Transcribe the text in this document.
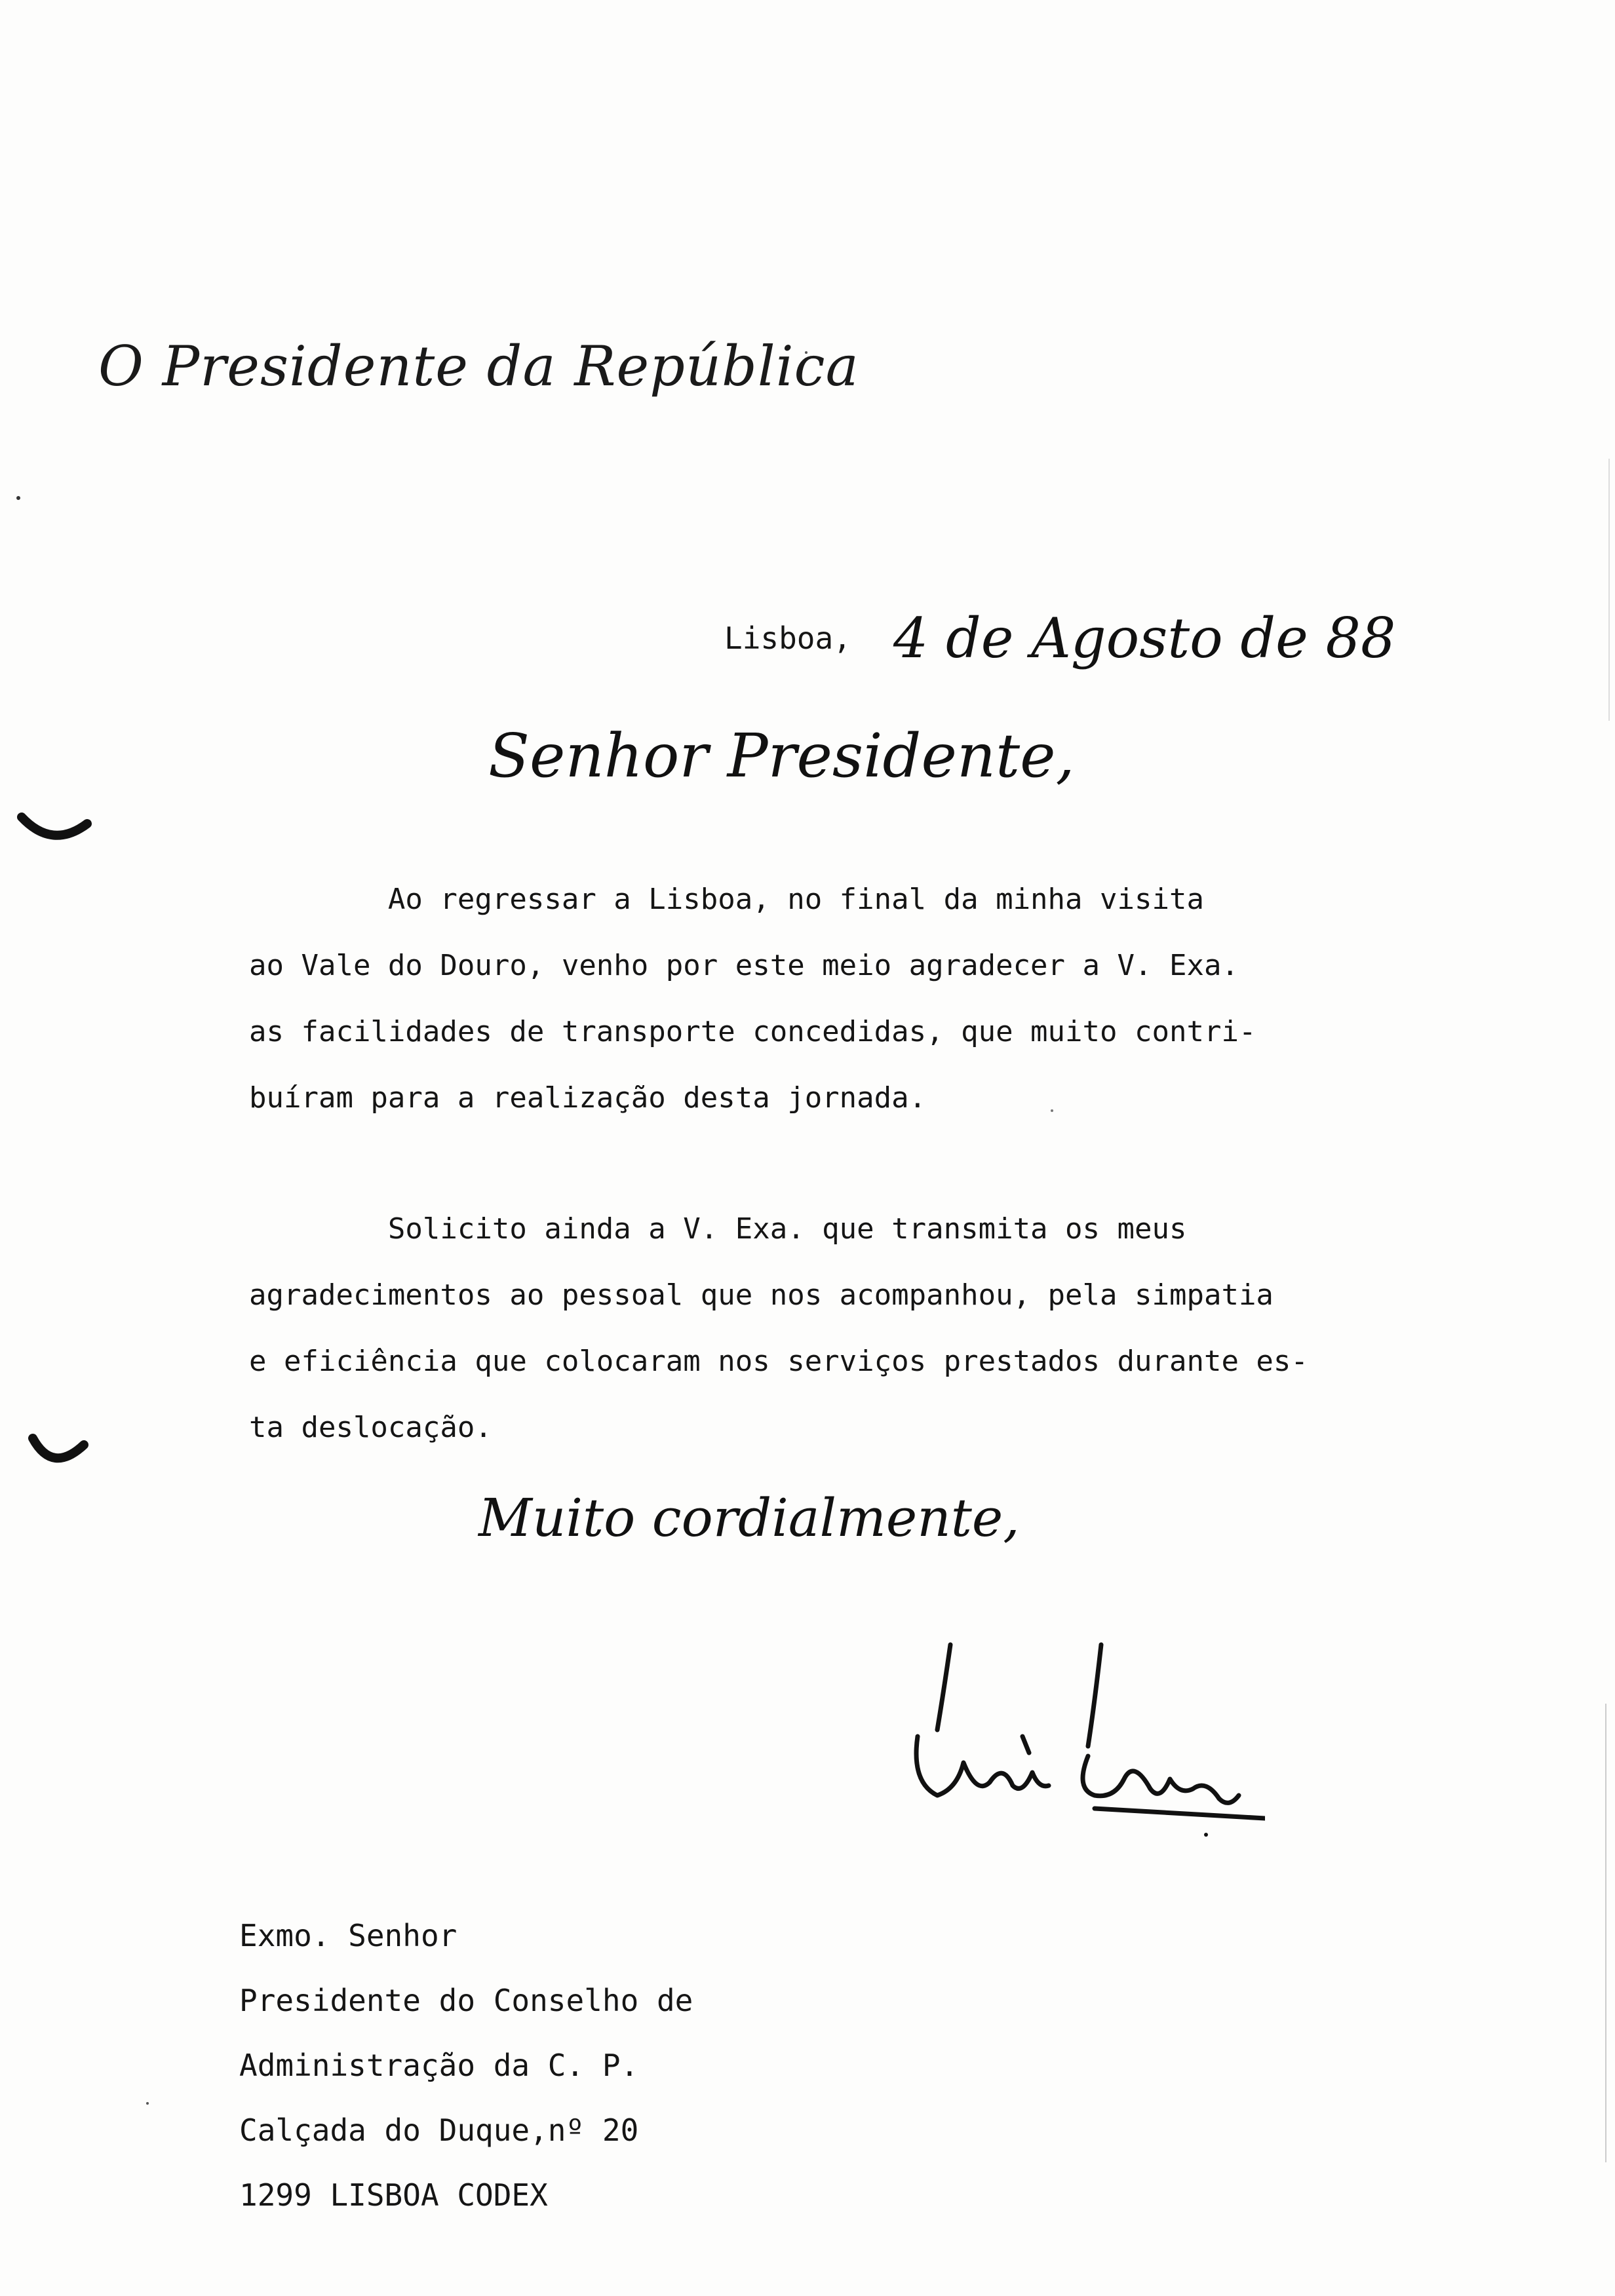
O Presidente da República
Lisboa, 4 de Agosto de 88
Senhor Presidente,
Ao regressar a Lisboa, no final da minha visita
ao Vale do Douro, venho por este meio agradecer a V. Exa.
as facilidades de transporte concedidas, que muito contri-
buíram para a realização desta jornada.
Solicito ainda a V. Exa. que transmita os meus
agradecimentos ao pessoal que nos acompanhou, pela simpatia
e eficiência que colocaram nos serviços prestados durante es-
ta deslocação.
Muito cordialmente,
Exmo. Senhor
Presidente do Conselho de
Administração da C. P.
Calçada do Duque,nº 20
1299 LISBOA CODEX
